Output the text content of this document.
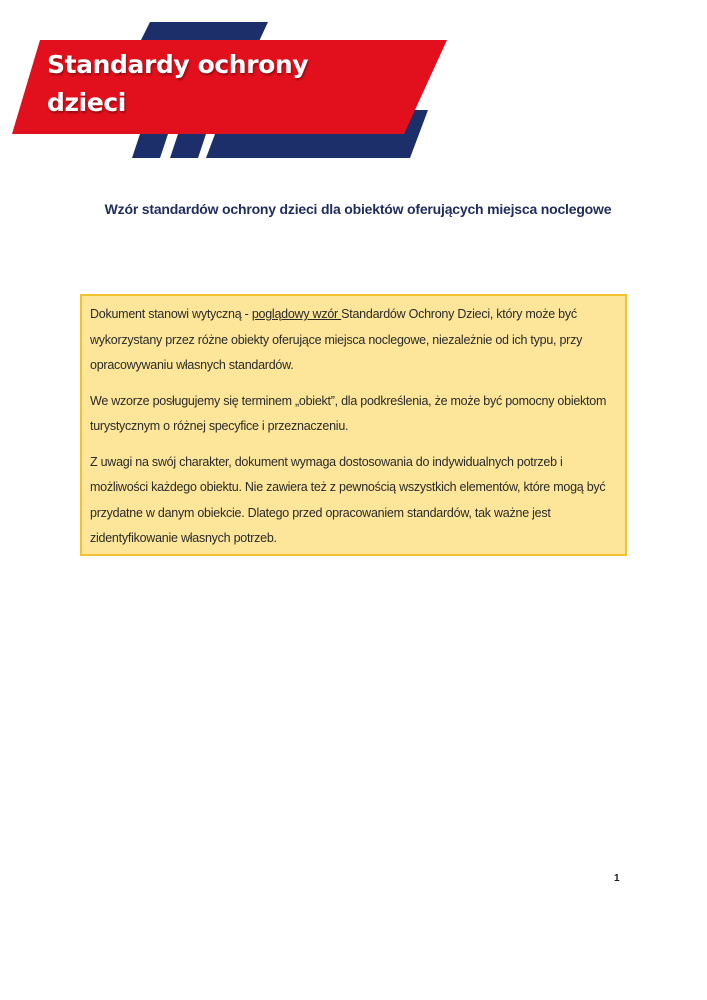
Standardy ochrony
dzieci
Wzór standardów ochrony dzieci dla obiektów oferujących miejsca noclegowe

Dokument stanowi wytyczną - poglądowy wzór Standardów Ochrony Dzieci, który może być wykorzystany przez różne obiekty oferujące miejsca noclegowe, niezależnie od ich typu, przy opracowywaniu własnych standardów.

We wzorze posługujemy się terminem „obiekt”, dla podkreślenia, że może być pomocny obiektom turystycznym o różnej specyfice i przeznaczeniu.

Z uwagi na swój charakter, dokument wymaga dostosowania do indywidualnych potrzeb i możliwości każdego obiektu. Nie zawiera też z pewnością wszystkich elementów, które mogą być przydatne w danym obiekcie. Dlatego przed opracowaniem standardów, tak ważne jest zidentyfikowanie własnych potrzeb.

1
